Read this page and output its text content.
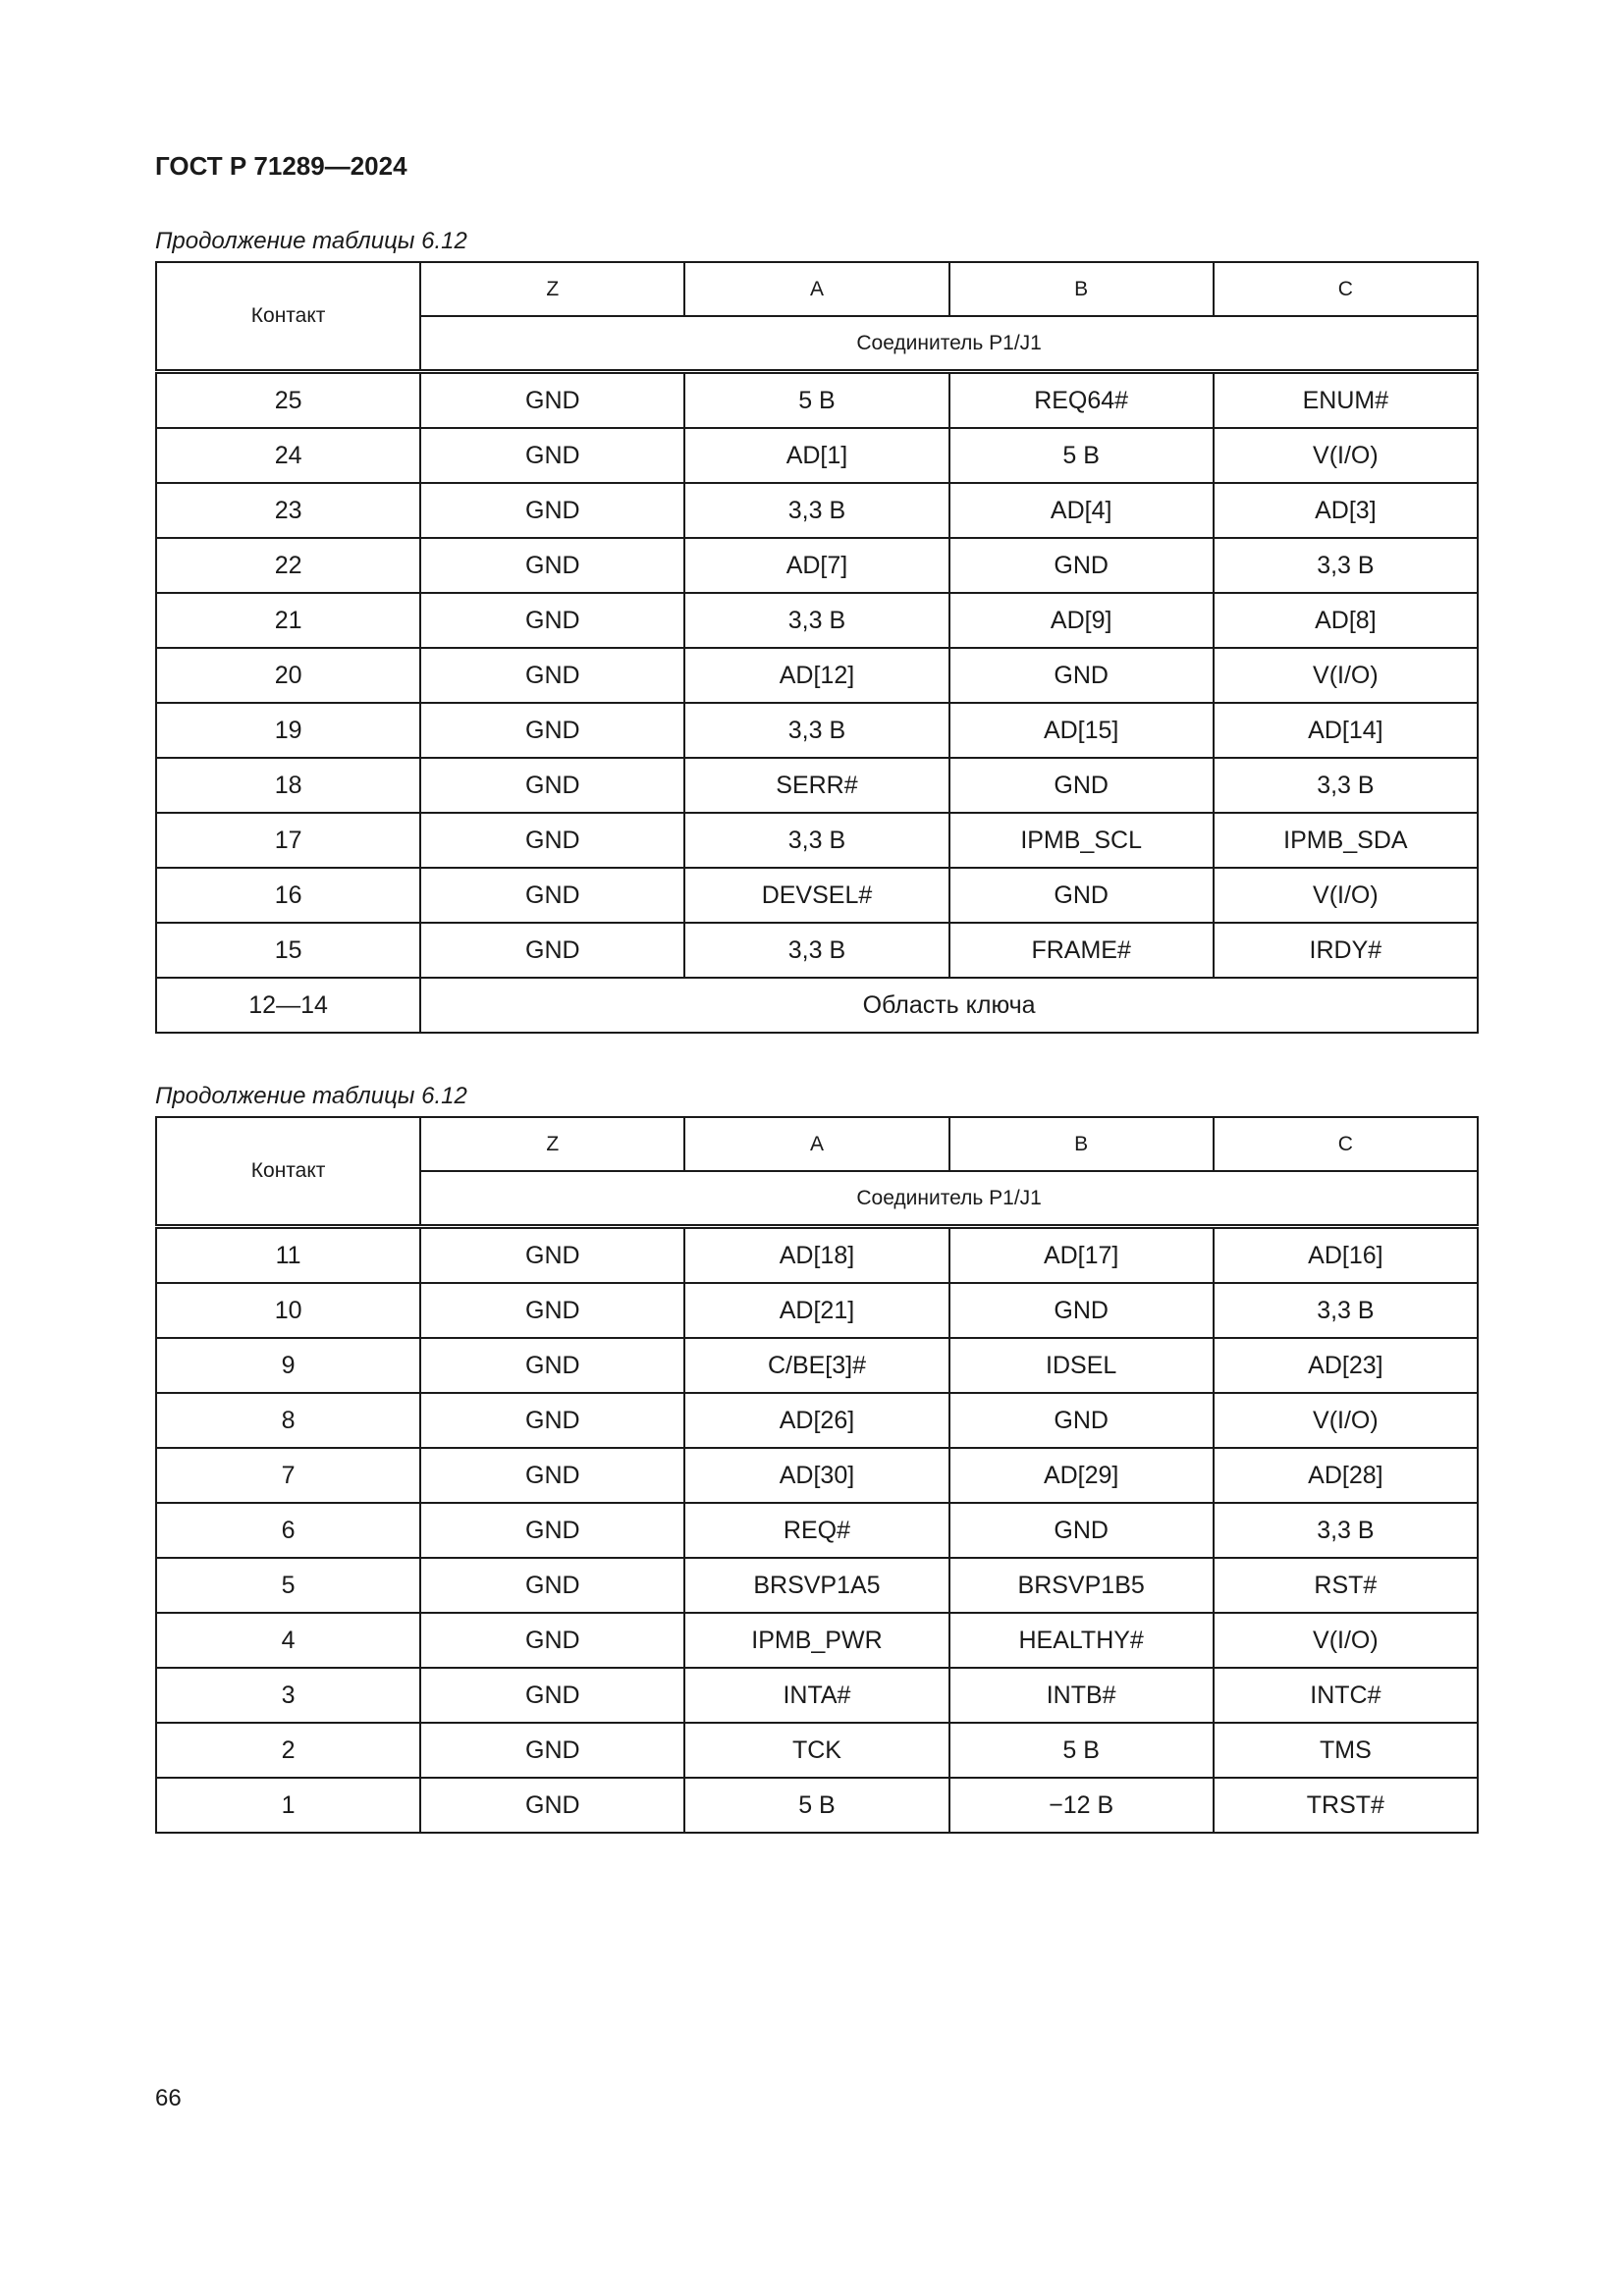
ГОСТ Р 71289—2024
Продолжение таблицы 6.12
Контакт	Z	A	B	C
	Соединитель P1/J1			
25	GND	5 В	REQ64#	ENUM#
24	GND	AD[1]	5 В	V(I/O)
23	GND	3,3 В	AD[4]	AD[3]
22	GND	AD[7]	GND	3,3 В
21	GND	3,3 В	AD[9]	AD[8]
20	GND	AD[12]	GND	V(I/O)
19	GND	3,3 В	AD[15]	AD[14]
18	GND	SERR#	GND	3,3 В
17	GND	3,3 В	IPMB_SCL	IPMB_SDA
16	GND	DEVSEL#	GND	V(I/O)
15	GND	3,3 В	FRAME#	IRDY#
12—14	Область ключа			
Продолжение таблицы 6.12
Контакт	Z	A	B	C
	Соединитель P1/J1			
11	GND	AD[18]	AD[17]	AD[16]
10	GND	AD[21]	GND	3,3 В
9	GND	C/BE[3]#	IDSEL	AD[23]
8	GND	AD[26]	GND	V(I/O)
7	GND	AD[30]	AD[29]	AD[28]
6	GND	REQ#	GND	3,3 В
5	GND	BRSVP1A5	BRSVP1B5	RST#
4	GND	IPMB_PWR	HEALTHY#	V(I/O)
3	GND	INTA#	INTB#	INTC#
2	GND	TCK	5 В	TMS
1	GND	5 В	−12 В	TRST#
66
